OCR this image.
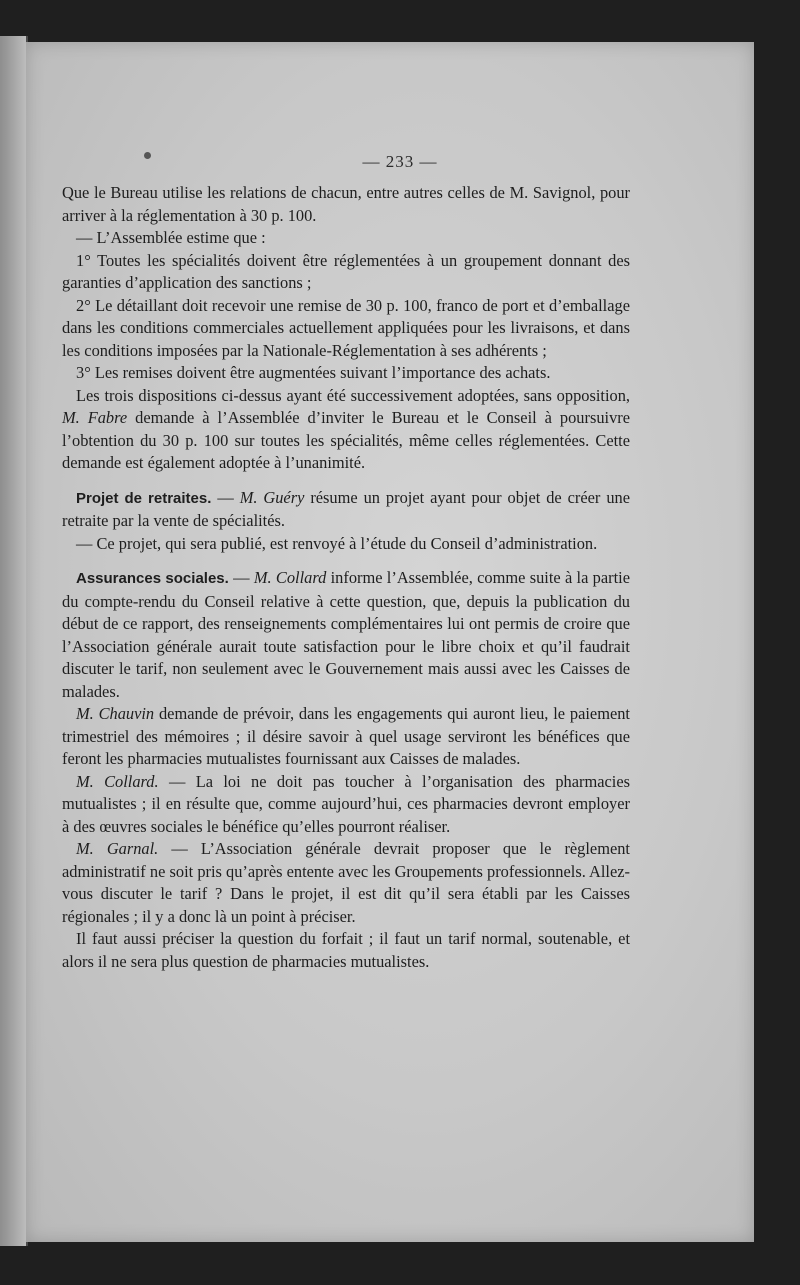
— 233 —

Que le Bureau utilise les relations de chacun, entre autres celles de M. Savignol, pour arriver à la réglementation à 30 p. 100.

— L’Assemblée estime que :

1° Toutes les spécialités doivent être réglementées à un groupement donnant des garanties d’application des sanctions ;

2° Le détaillant doit recevoir une remise de 30 p. 100, franco de port et d’emballage dans les conditions commerciales actuellement appliquées pour les livraisons, et dans les conditions imposées par la Nationale-Réglementation à ses adhérents ;

3° Les remises doivent être augmentées suivant l’importance des achats.

Les trois dispositions ci-dessus ayant été successivement adoptées, sans opposition, M. Fabre demande à l’Assemblée d’inviter le Bureau et le Conseil à poursuivre l’obtention du 30 p. 100 sur toutes les spécialités, même celles réglementées. Cette demande est également adoptée à l’unanimité.

Projet de retraites. — M. Guéry résume un projet ayant pour objet de créer une retraite par la vente de spécialités.

— Ce projet, qui sera publié, est renvoyé à l’étude du Conseil d’administration.

Assurances sociales. — M. Collard informe l’Assemblée, comme suite à la partie du compte-rendu du Conseil relative à cette question, que, depuis la publication du début de ce rapport, des renseignements complémentaires lui ont permis de croire que l’Association générale aurait toute satisfaction pour le libre choix et qu’il faudrait discuter le tarif, non seulement avec le Gouvernement mais aussi avec les Caisses de malades.

M. Chauvin demande de prévoir, dans les engagements qui auront lieu, le paiement trimestriel des mémoires ; il désire savoir à quel usage serviront les bénéfices que feront les pharmacies mutualistes fournissant aux Caisses de malades.

M. Collard. — La loi ne doit pas toucher à l’organisation des pharmacies mutualistes ; il en résulte que, comme aujourd’hui, ces pharmacies devront employer à des œuvres sociales le bénéfice qu’elles pourront réaliser.

M. Garnal. — L’Association générale devrait proposer que le règlement administratif ne soit pris qu’après entente avec les Groupements professionnels. Allez-vous discuter le tarif ? Dans le projet, il est dit qu’il sera établi par les Caisses régionales ; il y a donc là un point à préciser.

Il faut aussi préciser la question du forfait ; il faut un tarif normal, soutenable, et alors il ne sera plus question de pharmacies mutualistes.
